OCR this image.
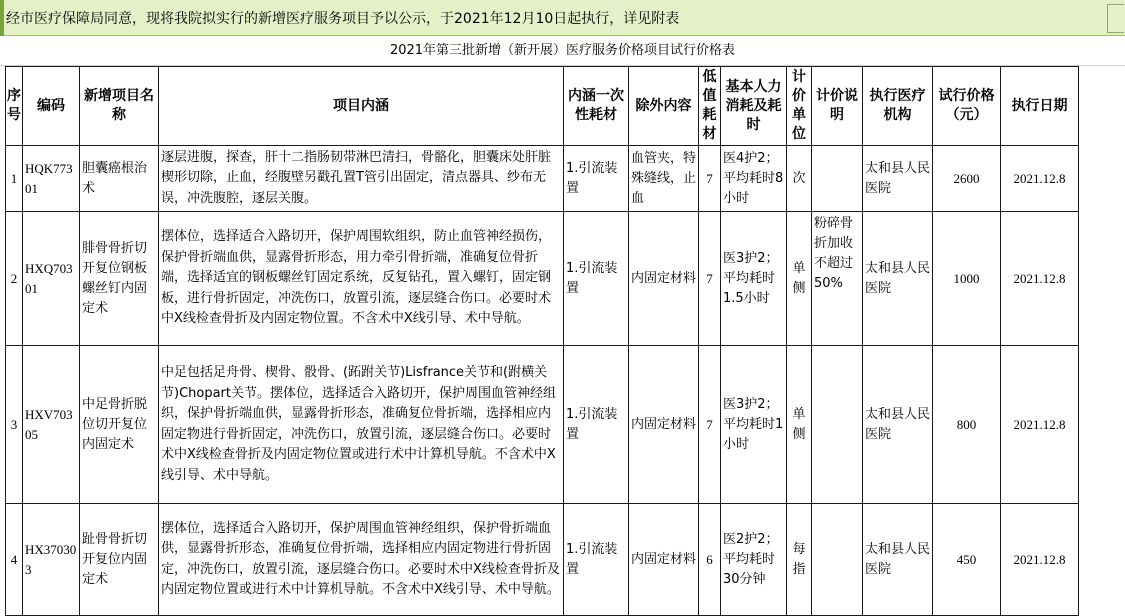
经市医疗保障局同意，现将我院拟实行的新增医疗服务项目予以公示，于2021年12月10日起执行，详见附表
2021年第三批新增（新开展）医疗服务价格项目试行价格表
序号	编码	新增项目名称	项目内涵	内涵一次性耗材	除外内容	低值耗材	基本人力消耗及耗时	计价单位	计价说明	执行医疗机构	试行价格（元）	执行日期
1	HQK77301	胆囊癌根治术	逐层进腹，探查，肝十二指肠韧带淋巴清扫，骨骼化，胆囊床处肝脏楔形切除，止血，经腹壁另戳孔置T管引出固定，清点器具、纱布无误，冲洗腹腔，逐层关腹。	1.引流装置	血管夹，特殊缝线，止血	7	医4护2；平均耗时8小时	次		太和县人民医院	2600	2021.12.8
2	HXQ70301	腓骨骨折切开复位钢板螺丝钉内固定术	摆体位，选择适合入路切开，保护周围软组织，防止血管神经损伤，保护骨折端血供，显露骨折形态，用力牵引骨折端，准确复位骨折端，选择适宜的钢板螺丝钉固定系统，反复钻孔，置入螺钉，固定钢板，进行骨折固定，冲洗伤口，放置引流，逐层缝合伤口。必要时术中X线检查骨折及内固定物位置。不含术中X线引导、术中导航。	1.引流装置	内固定材料	7	医3护2；平均耗时1.5小时	单侧	粉碎骨折加收不超过50%	太和县人民医院	1000	2021.12.8
3	HXV70305	中足骨折脱位切开复位内固定术	中足包括足舟骨、楔骨、骰骨、(跖跗关节)Lisfrance关节和(跗横关节)Chopart关节。摆体位，选择适合入路切开，保护周围血管神经组织，保护骨折端血供，显露骨折形态，准确复位骨折端，选择相应内固定物进行骨折固定，冲洗伤口，放置引流，逐层缝合伤口。必要时术中X线检查骨折及内固定物位置或进行术中计算机导航。不含术中X线引导、术中导航。	1.引流装置	内固定材料	7	医3护2；平均耗时1小时	单侧		太和县人民医院	800	2021.12.8
4	HX370303	趾骨骨折切开复位内固定术	摆体位，选择适合入路切开，保护周围血管神经组织，保护骨折端血供，显露骨折形态，准确复位骨折端，选择相应内固定物进行骨折固定，冲洗伤口，放置引流，逐层缝合伤口。必要时术中X线检查骨折及内固定物位置或进行术中计算机导航。不含术中X线引导、术中导航。	1.引流装置	内固定材料	6	医2护2；平均耗时30分钟	每指		太和县人民医院	450	2021.12.8
